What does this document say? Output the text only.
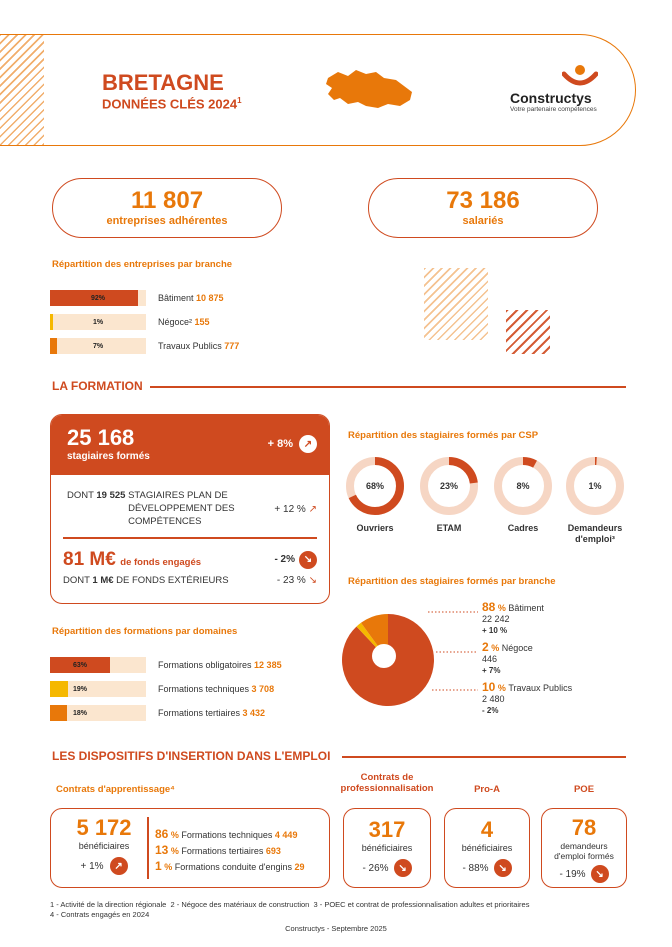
BRETAGNE
DONNÉES CLÉS 2024$^1$	Constructys
Votre partenaire compétences
11 807
entreprises adhérentes
73 186
salariés
Répartition des entreprises par branche
92%	Bâtiment 10 875
1%	Négoce² 155
7%	Travaux Publics 777
LA FORMATION
25 168
stagiaires formés
+ 8%	↗
DONT 19 525 STAGIAIRES PLAN DE DÉVELOPPEMENT DES COMPÉTENCES
+ 12 % ↗
81 M€ de fonds engagés
DONT 1 M€ DE FONDS EXTÉRIEURS
- 2% ↘
- 23 % ↘
Répartition des stagiaires formés par CSP
68%
Ouvriers
23%
ETAM
8%
Cadres
1%
Demandeurs d'emploi³
Répartition des formations par domaines
63%	Formations obligatoires 12 385
19%	Formations techniques 3 708
18%	Formations tertiaires 3 432
Répartition des stagiaires formés par branche
88 % Bâtiment
22 242
+ 10 %
2 % Négoce
446
+ 7%
10 % Travaux Publics
2 480
- 2%
LES DISPOSITIFS D'INSERTION DANS L'EMPLOI
Contrats d'apprentissage⁴
5 172
bénéficiaires
+ 1%	↗
86 % Formations techniques 4 449
13 % Formations tertiaires 693
1 % Formations conduite d'engins 29
Contrats de professionnalisation
317
bénéficiaires
- 26% ↘
Pro-A
4
bénéficiaires
- 88% ↘
POE
78
demandeurs d'emploi formés
- 19% ↘
1 - Activité de la direction régionale 2 - Négoce des matériaux de construction 3 - POEC et contrat de professionnalisation adultes et prioritaires
4 - Contrats engagés en 2024
Constructys - Septembre 2025
